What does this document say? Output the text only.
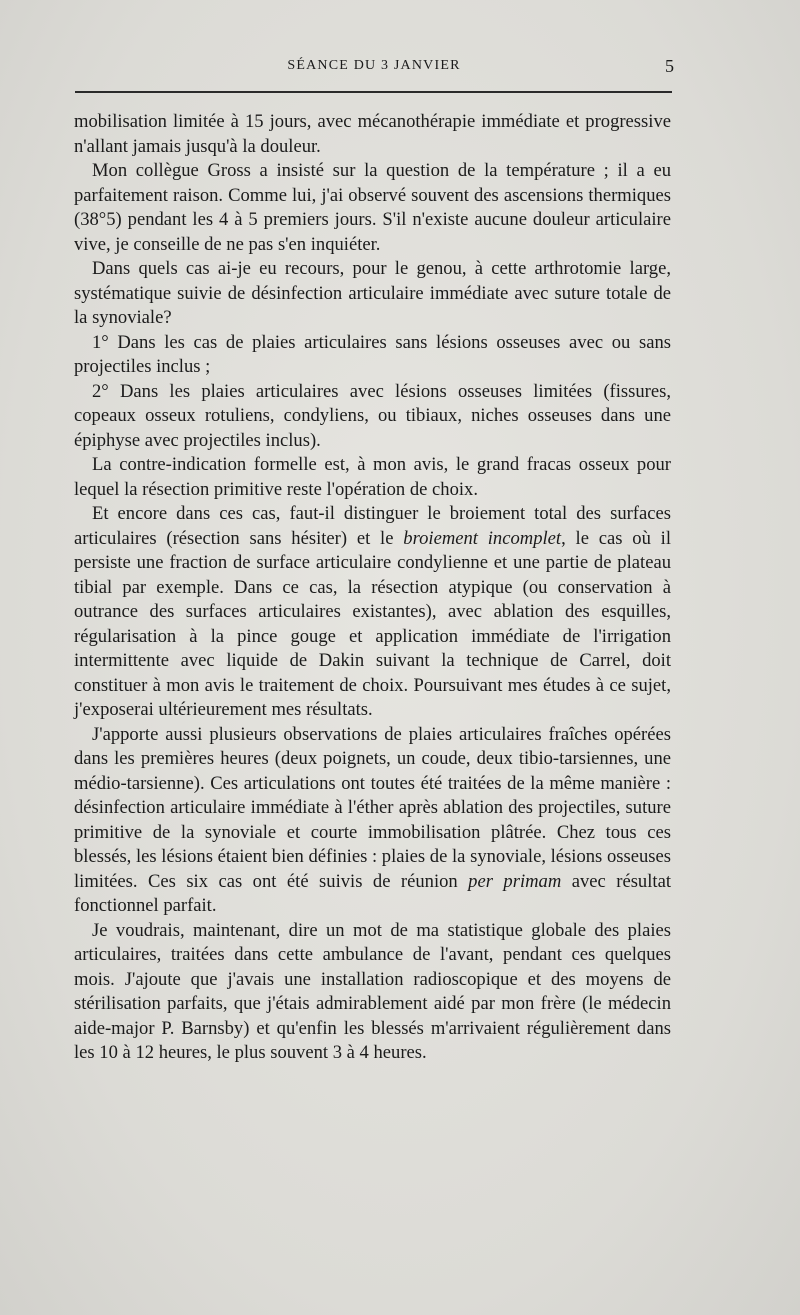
SÉANCE DU 3 JANVIER	5

mobilisation limitée à 15 jours, avec mécanothérapie immédiate et progressive n'allant jamais jusqu'à la douleur.

Mon collègue Gross a insisté sur la question de la température ; il a eu parfaitement raison. Comme lui, j'ai observé souvent des ascensions thermiques (38°5) pendant les 4 à 5 premiers jours. S'il n'existe aucune douleur articulaire vive, je conseille de ne pas s'en inquiéter.

Dans quels cas ai-je eu recours, pour le genou, à cette arthrotomie large, systématique suivie de désinfection articulaire immédiate avec suture totale de la synoviale?

1° Dans les cas de plaies articulaires sans lésions osseuses avec ou sans projectiles inclus ;

2° Dans les plaies articulaires avec lésions osseuses limitées (fissures, copeaux osseux rotuliens, condyliens, ou tibiaux, niches osseuses dans une épiphyse avec projectiles inclus).

La contre-indication formelle est, à mon avis, le grand fracas osseux pour lequel la résection primitive reste l'opération de choix.

Et encore dans ces cas, faut-il distinguer le broiement total des surfaces articulaires (résection sans hésiter) et le broiement incomplet, le cas où il persiste une fraction de surface articulaire condylienne et une partie de plateau tibial par exemple. Dans ce cas, la résection atypique (ou conservation à outrance des surfaces articulaires existantes), avec ablation des esquilles, régularisation à la pince gouge et application immédiate de l'irrigation intermittente avec liquide de Dakin suivant la technique de Carrel, doit constituer à mon avis le traitement de choix. Poursuivant mes études à ce sujet, j'exposerai ultérieurement mes résultats.

J'apporte aussi plusieurs observations de plaies articulaires fraîches opérées dans les premières heures (deux poignets, un coude, deux tibio-tarsiennes, une médio-tarsienne). Ces articulations ont toutes été traitées de la même manière : désinfection articulaire immédiate à l'éther après ablation des projectiles, suture primitive de la synoviale et courte immobilisation plâtrée. Chez tous ces blessés, les lésions étaient bien définies : plaies de la synoviale, lésions osseuses limitées. Ces six cas ont été suivis de réunion per primam avec résultat fonctionnel parfait.

Je voudrais, maintenant, dire un mot de ma statistique globale des plaies articulaires, traitées dans cette ambulance de l'avant, pendant ces quelques mois. J'ajoute que j'avais une installation radioscopique et des moyens de stérilisation parfaits, que j'étais admirablement aidé par mon frère (le médecin aide-major P. Barnsby) et qu'enfin les blessés m'arrivaient régulièrement dans les 10 à 12 heures, le plus souvent 3 à 4 heures.
